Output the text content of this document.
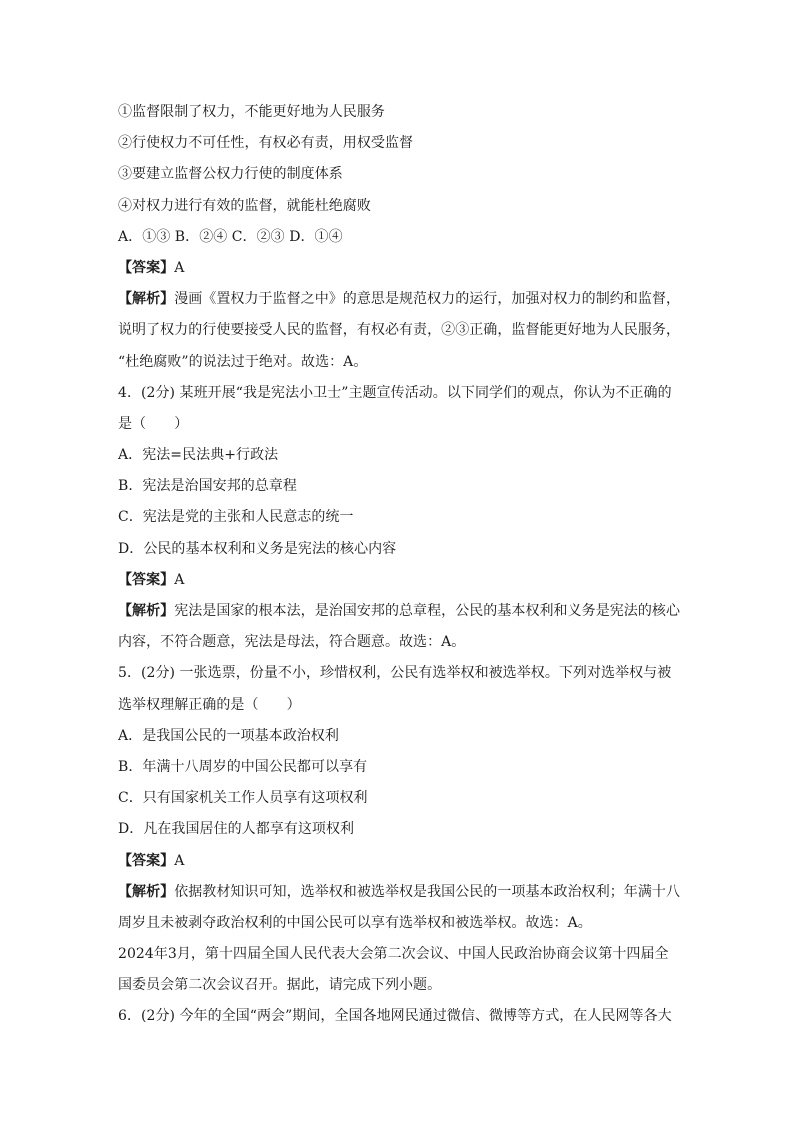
①监督限制了权力，不能更好地为人民服务
②行使权力不可任性，有权必有责，用权受监督
③要建立监督公权力行使的制度体系
④对权力进行有效的监督，就能杜绝腐败
A．①③ B．②④ C．②③ D．①④
【答案】A
【解析】漫画《置权力于监督之中》的意思是规范权力的运行，加强对权力的制约和监督，
说明了权力的行使要接受人民的监督，有权必有责，②③正确，监督能更好地为人民服务，
“杜绝腐败”的说法过于绝对。故选：A。
4．(2分) 某班开展“我是宪法小卫士”主题宣传活动。以下同学们的观点，你认为不正确的
是（　　）
A．宪法=民法典+行政法
B．宪法是治国安邦的总章程
C．宪法是党的主张和人民意志的统一
D．公民的基本权利和义务是宪法的核心内容
【答案】A
【解析】宪法是国家的根本法，是治国安邦的总章程，公民的基本权利和义务是宪法的核心
内容，不符合题意，宪法是母法，符合题意。故选：A。
5．(2分) 一张选票，份量不小，珍惜权利，公民有选举权和被选举权。下列对选举权与被
选举权理解正确的是（　　）
A．是我国公民的一项基本政治权利
B．年满十八周岁的中国公民都可以享有
C．只有国家机关工作人员享有这项权利
D．凡在我国居住的人都享有这项权利
【答案】A
【解析】依据教材知识可知，选举权和被选举权是我国公民的一项基本政治权利；年满十八
周岁且未被剥夺政治权利的中国公民可以享有选举权和被选举权。故选：A。
2024年3月，第十四届全国人民代表大会第二次会议、中国人民政治协商会议第十四届全
国委员会第二次会议召开。据此，请完成下列小题。
6．(2分) 今年的全国“两会”期间，全国各地网民通过微信、微博等方式，在人民网等各大
